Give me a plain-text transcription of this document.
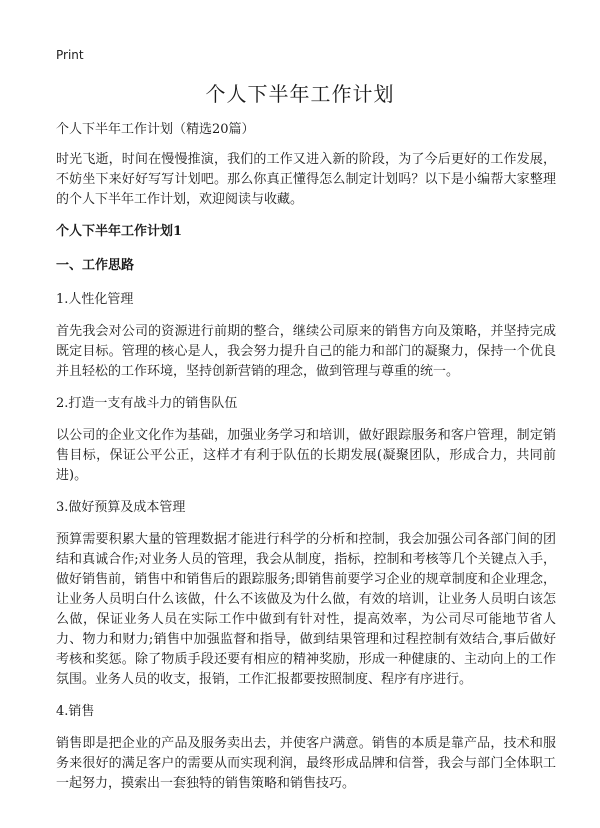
Print
个人下半年工作计划

个人下半年工作计划（精选20篇）

时光飞逝，时间在慢慢推演，我们的工作又进入新的阶段，为了今后更好的工作发展，不妨坐下来好好写写计划吧。那么你真正懂得怎么制定计划吗？以下是小编帮大家整理的个人下半年工作计划，欢迎阅读与收藏。

个人下半年工作计划1

一、工作思路

1.人性化管理

首先我会对公司的资源进行前期的整合，继续公司原来的销售方向及策略，并坚持完成既定目标。管理的核心是人，我会努力提升自己的能力和部门的凝聚力，保持一个优良并且轻松的工作环境，坚持创新营销的理念，做到管理与尊重的统一。

2.打造一支有战斗力的销售队伍

以公司的企业文化作为基础，加强业务学习和培训，做好跟踪服务和客户管理，制定销售目标，保证公平公正，这样才有利于队伍的长期发展(凝聚团队，形成合力，共同前进)。

3.做好预算及成本管理

预算需要积累大量的管理数据才能进行科学的分析和控制，我会加强公司各部门间的团结和真诚合作;对业务人员的管理，我会从制度，指标，控制和考核等几个关键点入手，做好销售前，销售中和销售后的跟踪服务;即销售前要学习企业的规章制度和企业理念，让业务人员明白什么该做，什么不该做及为什么做，有效的培训，让业务人员明白该怎么做，保证业务人员在实际工作中做到有针对性，提高效率，为公司尽可能地节省人力、物力和财力;销售中加强监督和指导，做到结果管理和过程控制有效结合,事后做好考核和奖惩。除了物质手段还要有相应的精神奖励，形成一种健康的、主动向上的工作氛围。业务人员的收支，报销，工作汇报都要按照制度、程序有序进行。

4.销售

销售即是把企业的产品及服务卖出去，并使客户满意。销售的本质是靠产品，技术和服务来很好的满足客户的需要从而实现利润，最终形成品牌和信誉，我会与部门全体职工一起努力，摸索出一套独特的销售策略和销售技巧。
